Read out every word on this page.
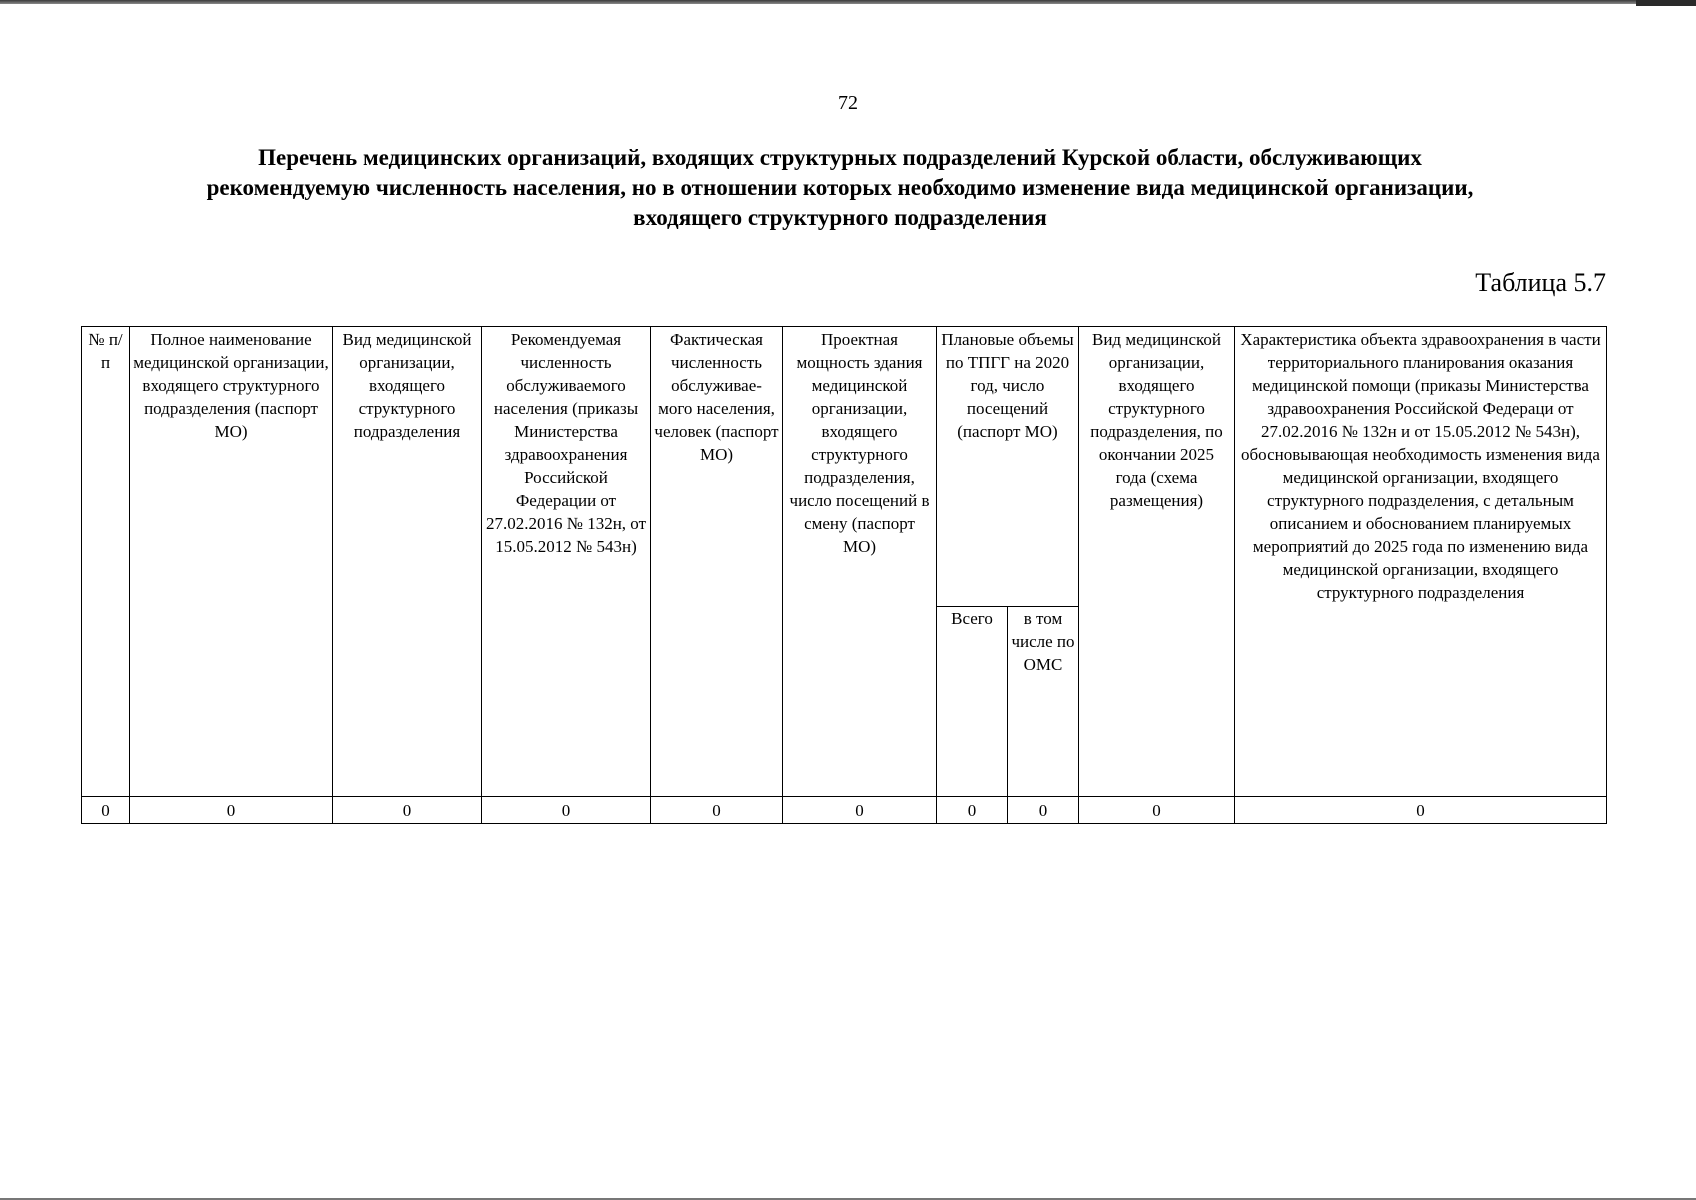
72
Перечень медицинских организаций, входящих структурных подразделений Курской области, обслуживающих
рекомендуемую численность населения, но в отношении которых необходимо изменение вида медицинской организации,
входящего структурного подразделения
Таблица 5.7
№ п/п	Полное наименование медицинской организации, входящего структурного подразделения (паспорт МО)	Вид медицинской организации, входящего структурного подразделения	Рекомендуемая численность обслуживаемого населения (приказы Министерства здравоохранения Российской Федерации от 27.02.2016 № 132н, от 15.05.2012 № 543н)	Фактическая численность обслуживае-мого населения, человек (паспорт МО)	Проектная мощность здания медицинской организации, входящего структурного подразделения, число посещений в смену (паспорт МО)	Плановые объемы по ТПГГ на 2020 год, число посещений (паспорт МО)		Вид медицинской организации, входящего структурного подразделения, по окончании 2025 года (схема размещения)	Характеристика объекта здравоохранения в части территориального планирования оказания медицинской помощи (приказы Министерства здравоохранения Российской Федераци от 27.02.2016 № 132н и от 15.05.2012 № 543н), обосновывающая необходимость изменения вида медицинской организации, входящего структурного подразделения, с детальным описанием и обоснованием планируемых мероприятий до 2025 года по изменению вида медицинской организации, входящего структурного подразделения
						Всего	в том числе по ОМС		
0	0	0	0	0	0	0	0	0	0
